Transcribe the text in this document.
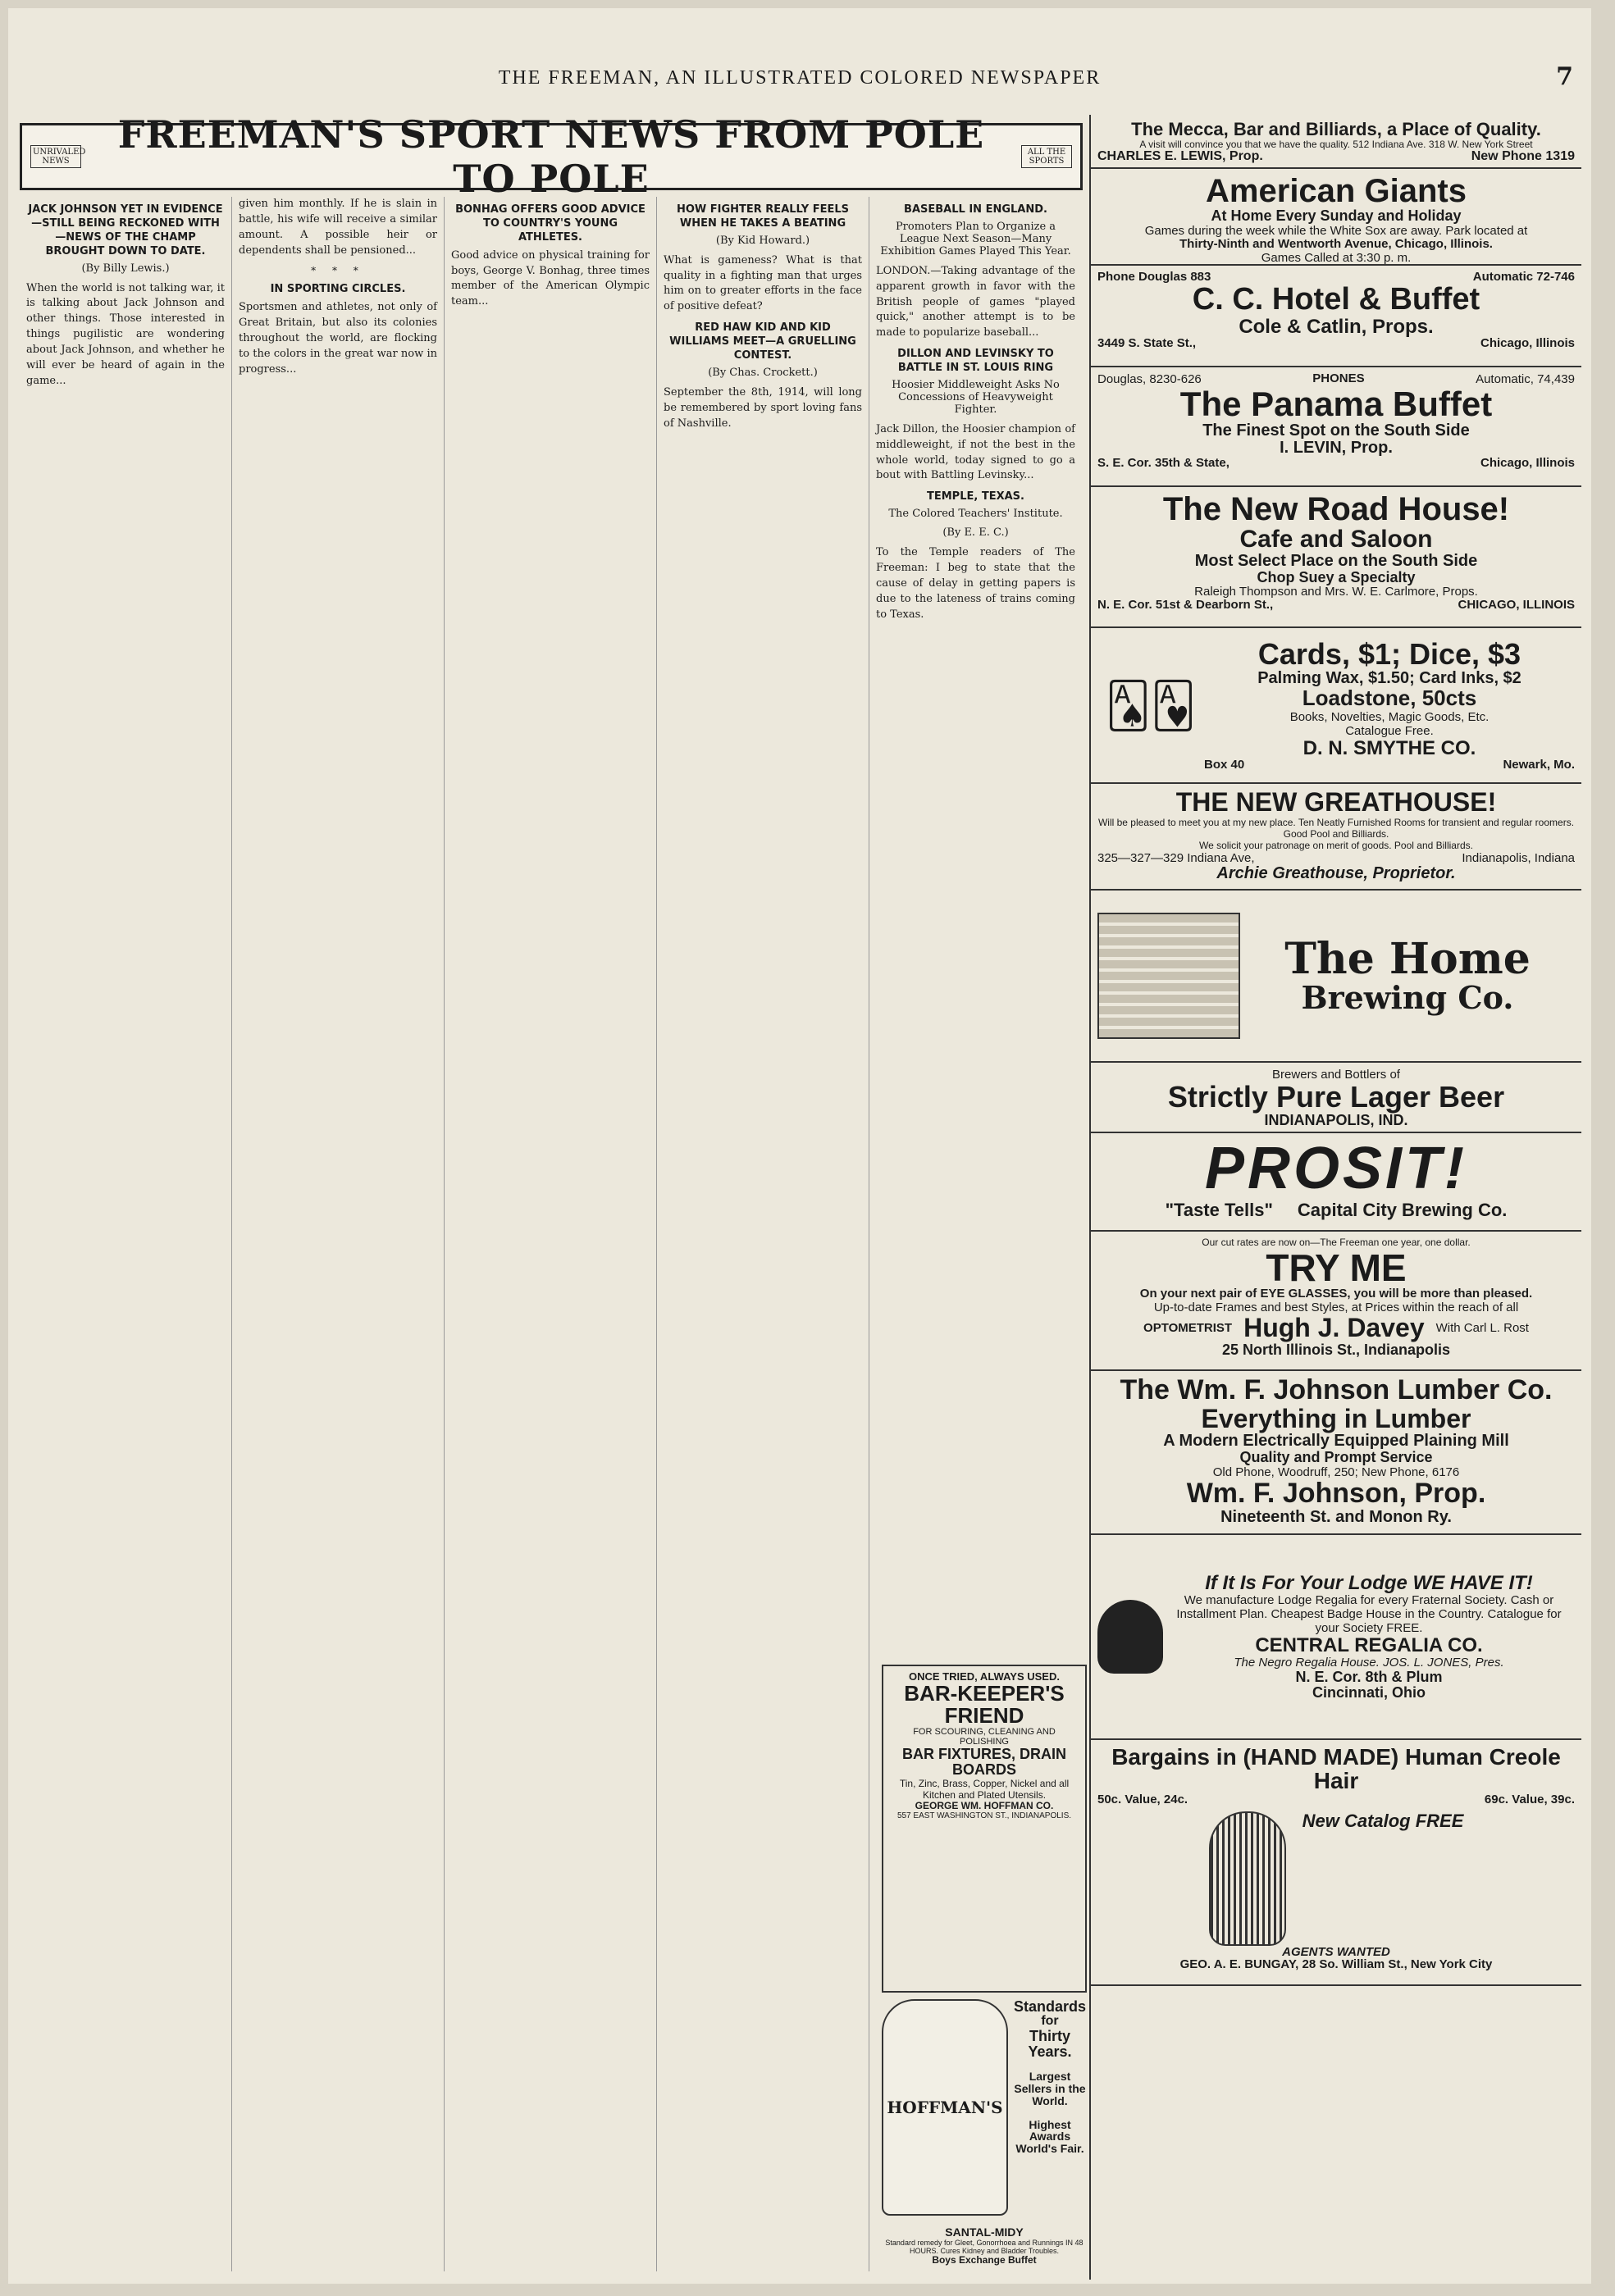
THE FREEMAN, AN ILLUSTRATED COLORED NEWSPAPER	7
UNRIVALED NEWS
FREEMAN'S SPORT NEWS FROM POLE TO POLE
ALL THE SPORTS
JACK JOHNSON YET IN EVIDENCE —STILL BEING RECKONED WITH —NEWS OF THE CHAMP BROUGHT DOWN TO DATE.
(By Billy Lewis.)

When the world is not talking war, it is talking about Jack Johnson and other things. Those interested in things pugilistic are wondering about Jack Johnson, and whether he will ever be heard of again in the game...

given him monthly. If he is slain in battle, his wife will receive a similar amount. A possible heir or dependents shall be pensioned...

* * *
IN SPORTING CIRCLES.

Sportsmen and athletes, not only of Great Britain, but also its colonies throughout the world, are flocking to the colors in the great war now in progress...

BONHAG OFFERS GOOD ADVICE TO COUNTRY'S YOUNG ATHLETES.

Good advice on physical training for boys, George V. Bonhag, three times member of the American Olympic team...

HOW FIGHTER REALLY FEELS WHEN HE TAKES A BEATING
(By Kid Howard.)

What is gameness? What is that quality in a fighting man that urges him on to greater efforts in the face of positive defeat?

RED HAW KID AND KID WILLIAMS MEET—A GRUELLING CONTEST.
(By Chas. Crockett.)

September the 8th, 1914, will long be remembered by sport loving fans of Nashville.

BASEBALL IN ENGLAND.
Promoters Plan to Organize a League Next Season—Many Exhibition Games Played This Year.

LONDON.—Taking advantage of the apparent growth in favor with the British people of games "played quick," another attempt is to be made to popularize baseball...

DILLON AND LEVINSKY TO BATTLE IN ST. LOUIS RING
Hoosier Middleweight Asks No Concessions of Heavyweight Fighter.

Jack Dillon, the Hoosier champion of middleweight, if not the best in the whole world, today signed to go a bout with Battling Levinsky...

TEMPLE, TEXAS.
The Colored Teachers' Institute.
(By E. E. C.)

To the Temple readers of The Freeman: I beg to state that the cause of delay in getting papers is due to the lateness of trains coming to Texas.

The Mecca, Bar and Billiards, a Place of Quality.
A visit will convince you that we have the quality. 512 Indiana Ave. 318 W. New York Street
CHARLES E. LEWIS, Prop.	New Phone 1319
American Giants
At Home Every Sunday and Holiday
Games during the week while the White Sox are away. Park located at
Thirty-Ninth and Wentworth Avenue, Chicago, Illinois.
Games Called at 3:30 p. m.
Phone Douglas 883	Automatic 72-746
C. C. Hotel & Buffet
Cole & Catlin, Props.
3449 S. State St.,	Chicago, Illinois
Douglas, 8230-626	PHONES	Automatic, 74,439
The Panama Buffet
The Finest Spot on the South Side
I. LEVIN, Prop.
S. E. Cor. 35th & State,	Chicago, Illinois
The New Road House!
Cafe and Saloon
Most Select Place on the South Side
Chop Suey a Specialty
Raleigh Thompson and Mrs. W. E. Carlmore, Props.
N. E. Cor. 51st & Dearborn St.,	CHICAGO, ILLINOIS
🂡🂱
Cards, $1; Dice, $3
Palming Wax, $1.50; Card Inks, $2
Loadstone, 50cts
Books, Novelties, Magic Goods, Etc.
Catalogue Free.
D. N. SMYTHE CO.
Box 40	Newark, Mo.
THE NEW GREATHOUSE!
Will be pleased to meet you at my new place. Ten Neatly Furnished Rooms for transient and regular roomers. Good Pool and Billiards.
We solicit your patronage on merit of goods. Pool and Billiards.
325—327—329 Indiana Ave,	Indianapolis, Indiana
Archie Greathouse, Proprietor.
The Home
Brewing Co.
Brewers and Bottlers of
Strictly Pure Lager Beer
INDIANAPOLIS, IND.
PROSIT!
"Taste Tells" Capital City Brewing Co.
Our cut rates are now on—The Freeman one year, one dollar.
TRY ME
On your next pair of EYE GLASSES, you will be more than pleased.
Up-to-date Frames and best Styles, at Prices within the reach of all
OPTOMETRIST Hugh J. Davey With Carl L. Rost
25 North Illinois St., Indianapolis
The Wm. F. Johnson Lumber Co.
Everything in Lumber
A Modern Electrically Equipped Plaining Mill
Quality and Prompt Service
Old Phone, Woodruff, 250; New Phone, 6176
Wm. F. Johnson, Prop.
Nineteenth St. and Monon Ry.
If It Is For Your Lodge WE HAVE IT!
We manufacture Lodge Regalia for every Fraternal Society. Cash or Installment Plan. Cheapest Badge House in the Country. Catalogue for your Society FREE.
CENTRAL REGALIA CO.
The Negro Regalia House. JOS. L. JONES, Pres.
N. E. Cor. 8th & Plum
Cincinnati, Ohio
Bargains in (HAND MADE) Human Creole Hair
50c. Value, 24c.	69c. Value, 39c.
New Catalog FREE
AGENTS WANTED
GEO. A. E. BUNGAY, 28 So. William St., New York City
ONCE TRIED, ALWAYS USED.
BAR-KEEPER'S FRIEND
FOR SCOURING, CLEANING AND POLISHING
BAR FIXTURES, DRAIN BOARDS
Tin, Zinc, Brass, Copper, Nickel and all Kitchen and Plated Utensils.
GEORGE WM. HOFFMAN CO.
557 EAST WASHINGTON ST., INDIANAPOLIS.
HOFFMAN'S
Standards
for
Thirty Years.
Largest Sellers in the World.
Highest Awards World's Fair.
SANTAL-MIDY
Standard remedy for Gleet, Gonorrhoea and Runnings IN 48 HOURS. Cures Kidney and Bladder Troubles.
Boys Exchange Buffet
